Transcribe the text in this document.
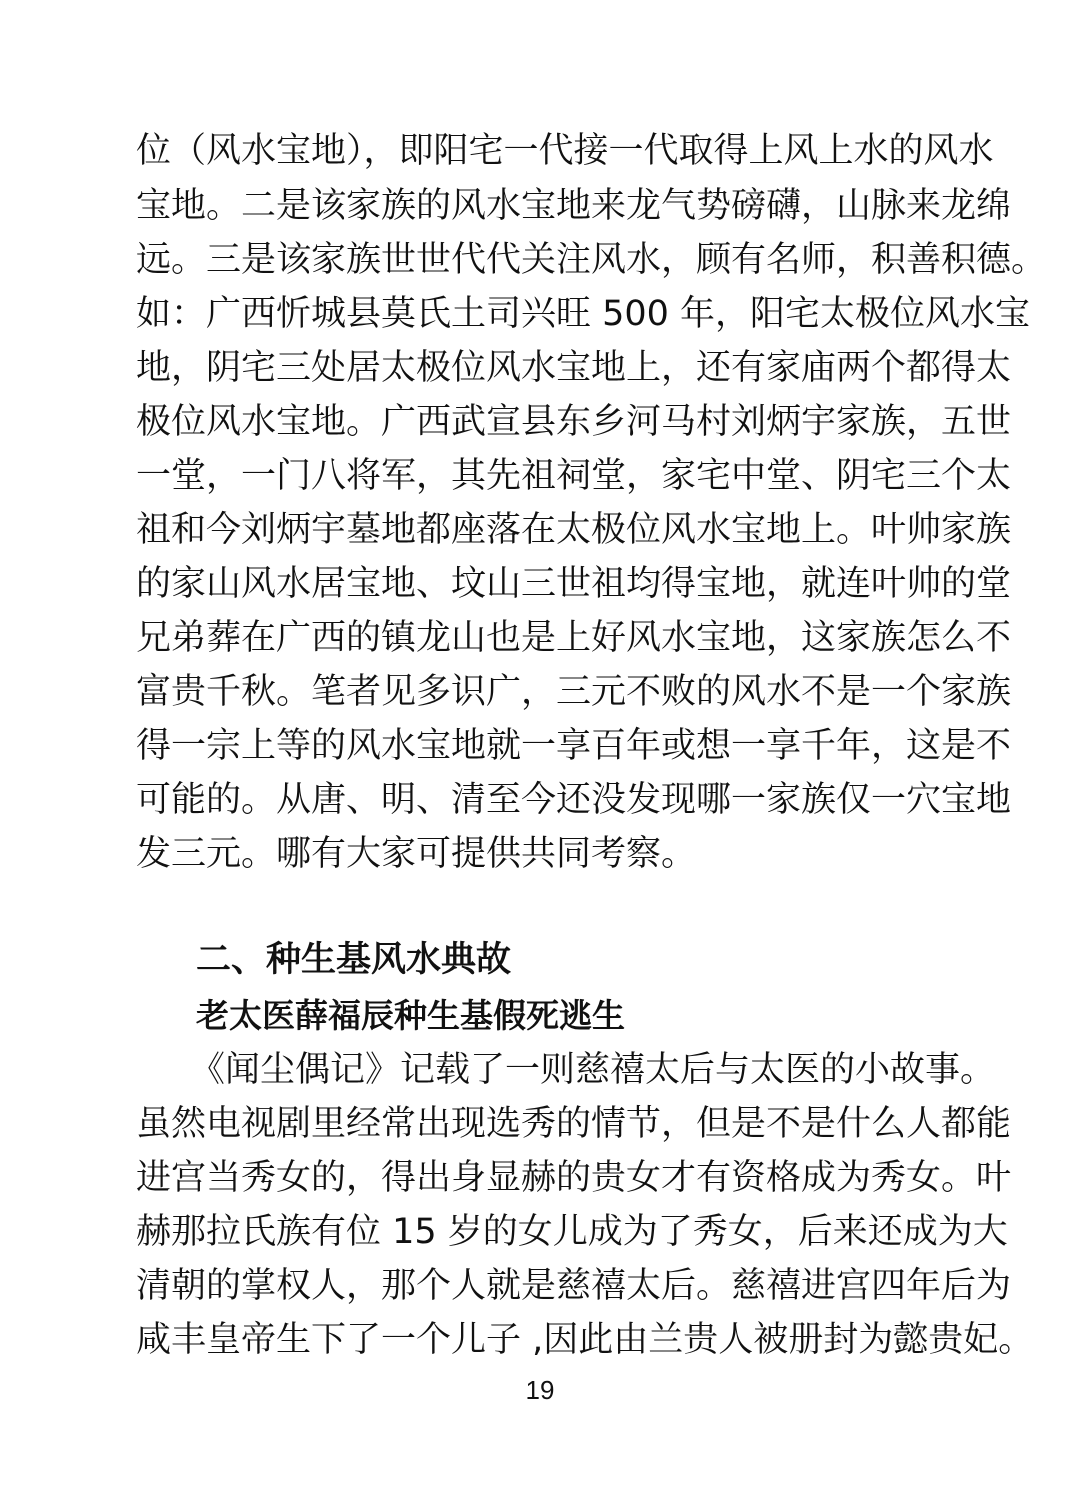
位（风水宝地），即阳宅一代接一代取得上风上水的风水
宝地。二是该家族的风水宝地来龙气势磅礴，山脉来龙绵
远。三是该家族世世代代关注风水，顾有名师，积善积德。
如：广西忻城县莫氏土司兴旺 500 年，阳宅太极位风水宝
地，阴宅三处居太极位风水宝地上，还有家庙两个都得太
极位风水宝地。广西武宣县东乡河马村刘炳宇家族，五世
一堂，一门八将军，其先祖祠堂，家宅中堂、阴宅三个太
祖和今刘炳宇墓地都座落在太极位风水宝地上。叶帅家族
的家山风水居宝地、坟山三世祖均得宝地，就连叶帅的堂
兄弟葬在广西的镇龙山也是上好风水宝地，这家族怎么不
富贵千秋。笔者见多识广，三元不败的风水不是一个家族
得一宗上等的风水宝地就一享百年或想一享千年，这是不
可能的。从唐、明、清至今还没发现哪一家族仅一穴宝地
发三元。哪有大家可提供共同考察。
二、种生基风水典故
老太医薛福辰种生基假死逃生
《闻尘偶记》记载了一则慈禧太后与太医的小故事。
虽然电视剧里经常出现选秀的情节，但是不是什么人都能
进宫当秀女的，得出身显赫的贵女才有资格成为秀女。叶
赫那拉氏族有位 15 岁的女儿成为了秀女，后来还成为大
清朝的掌权人，那个人就是慈禧太后。慈禧进宫四年后为
咸丰皇帝生下了一个儿子 ,因此由兰贵人被册封为懿贵妃。
19
